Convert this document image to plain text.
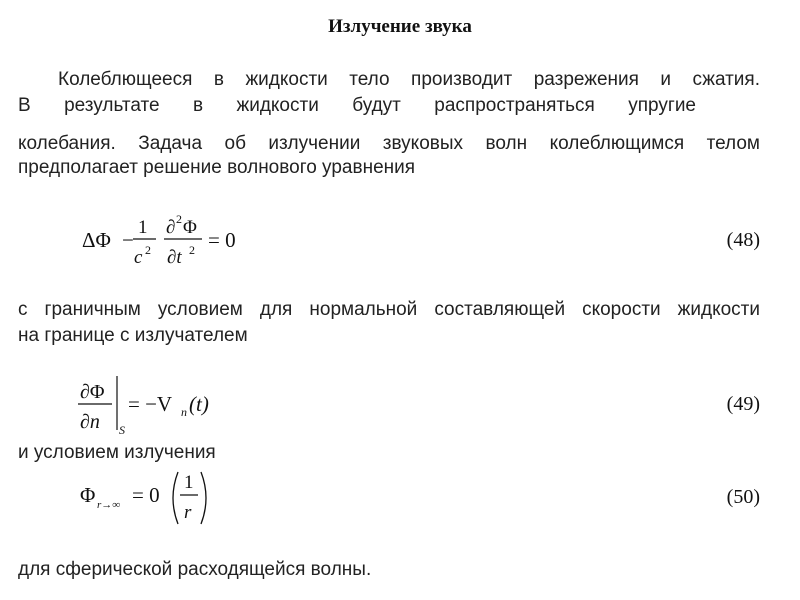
Излучение звука
Колеблющееся в жидкости тело производит разрежения и сжатия.
В результате в жидкости будут распространяться упругие
колебания. Задача об излучении звуковых волн колеблющимся телом
предполагает решение волнового уравнения
ΔΦ −
1
c 2
∂ 2 Φ
∂t 2 = 0	(48)
с граничным условием для нормальной составляющей скорости жидкости
на границе с излучателем
∂Φ
∂n S
= −V n (t)	(49)
и условием излучения
Φ r→∞ = 0
1
r
(50)
для сферической расходящейся волны.
